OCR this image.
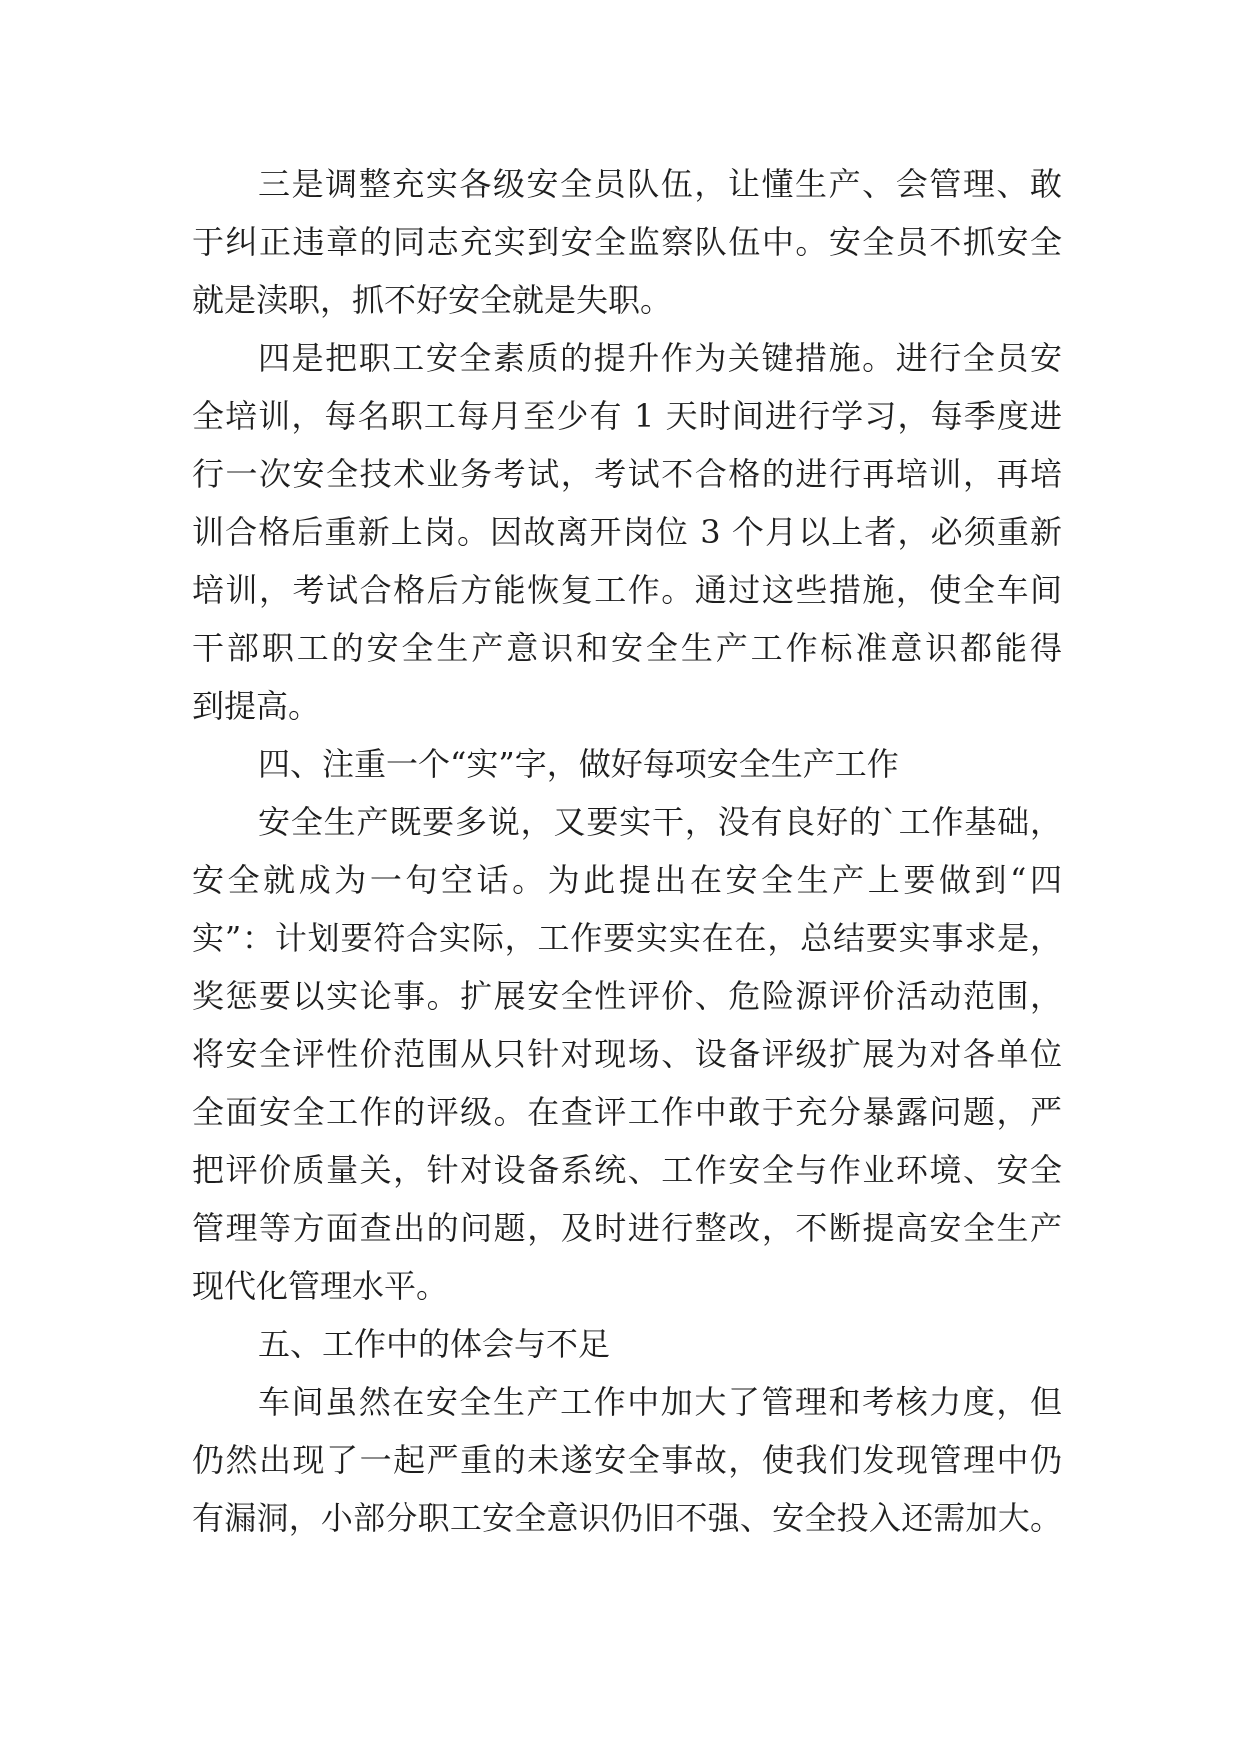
三是调整充实各级安全员队伍，让懂生产、会管理、敢
于纠正违章的同志充实到安全监察队伍中。安全员不抓安全
就是渎职，抓不好安全就是失职。
四是把职工安全素质的提升作为关键措施。进行全员安
全培训，每名职工每月至少有 1 天时间进行学习，每季度进
行一次安全技术业务考试，考试不合格的进行再培训，再培
训合格后重新上岗。因故离开岗位 3 个月以上者，必须重新
培训，考试合格后方能恢复工作。通过这些措施，使全车间
干部职工的安全生产意识和安全生产工作标准意识都能得
到提高。
四、注重一个“实”字，做好每项安全生产工作
安全生产既要多说，又要实干，没有良好的`工作基础，
安全就成为一句空话。为此提出在安全生产上要做到“四
实”：计划要符合实际，工作要实实在在，总结要实事求是，
奖惩要以实论事。扩展安全性评价、危险源评价活动范围，
将安全评性价范围从只针对现场、设备评级扩展为对各单位
全面安全工作的评级。在查评工作中敢于充分暴露问题，严
把评价质量关，针对设备系统、工作安全与作业环境、安全
管理等方面查出的问题，及时进行整改，不断提高安全生产
现代化管理水平。
五、工作中的体会与不足
车间虽然在安全生产工作中加大了管理和考核力度，但
仍然出现了一起严重的未遂安全事故，使我们发现管理中仍
有漏洞，小部分职工安全意识仍旧不强、安全投入还需加大。
